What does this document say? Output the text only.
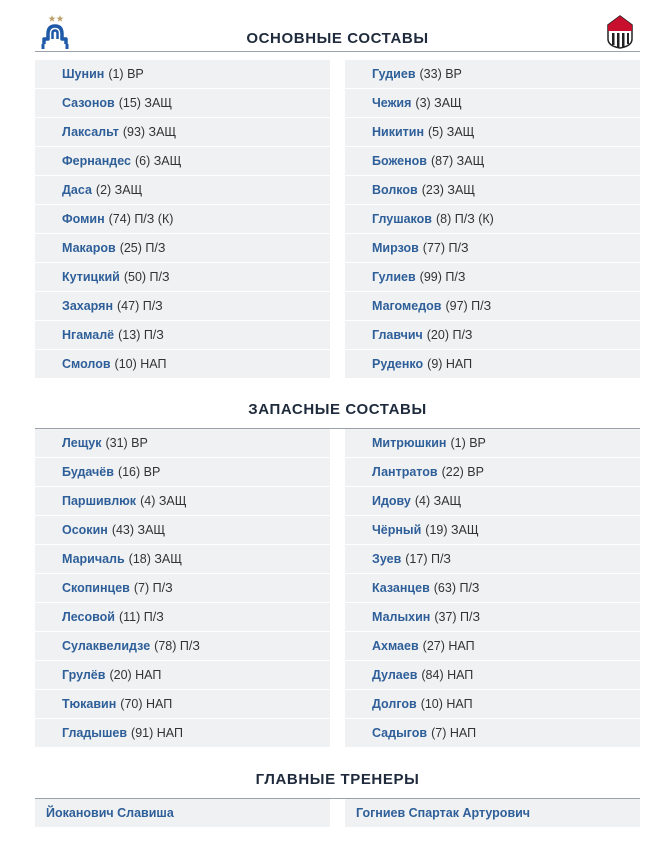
ОСНОВНЫЕ СОСТАВЫ
Шунин (1) ВР
Сазонов (15) ЗАЩ
Лаксальт (93) ЗАЩ
Фернандес (6) ЗАЩ
Даса (2) ЗАЩ
Фомин (74) П/З (К)
Макаров (25) П/З
Кутицкий (50) П/З
Захарян (47) П/З
Нгамалё (13) П/З
Смолов (10) НАП
Гудиев (33) ВР
Чежия (3) ЗАЩ
Никитин (5) ЗАЩ
Боженов (87) ЗАЩ
Волков (23) ЗАЩ
Глушаков (8) П/З (К)
Мирзов (77) П/З
Гулиев (99) П/З
Магомедов (97) П/З
Главчич (20) П/З
Руденко (9) НАП
ЗАПАСНЫЕ СОСТАВЫ
Лещук (31) ВР
Будачёв (16) ВР
Паршивлюк (4) ЗАЩ
Осокин (43) ЗАЩ
Маричаль (18) ЗАЩ
Скопинцев (7) П/З
Лесовой (11) П/З
Сулаквелидзе (78) П/З
Грулёв (20) НАП
Тюкавин (70) НАП
Гладышев (91) НАП
Митрюшкин (1) ВР
Лантратов (22) ВР
Идову (4) ЗАЩ
Чёрный (19) ЗАЩ
Зуев (17) П/З
Казанцев (63) П/З
Малыхин (37) П/З
Ахмаев (27) НАП
Дулаев (84) НАП
Долгов (10) НАП
Садыгов (7) НАП
ГЛАВНЫЕ ТРЕНЕРЫ
Йоканович Славиша	Гогниев Спартак Артурович
